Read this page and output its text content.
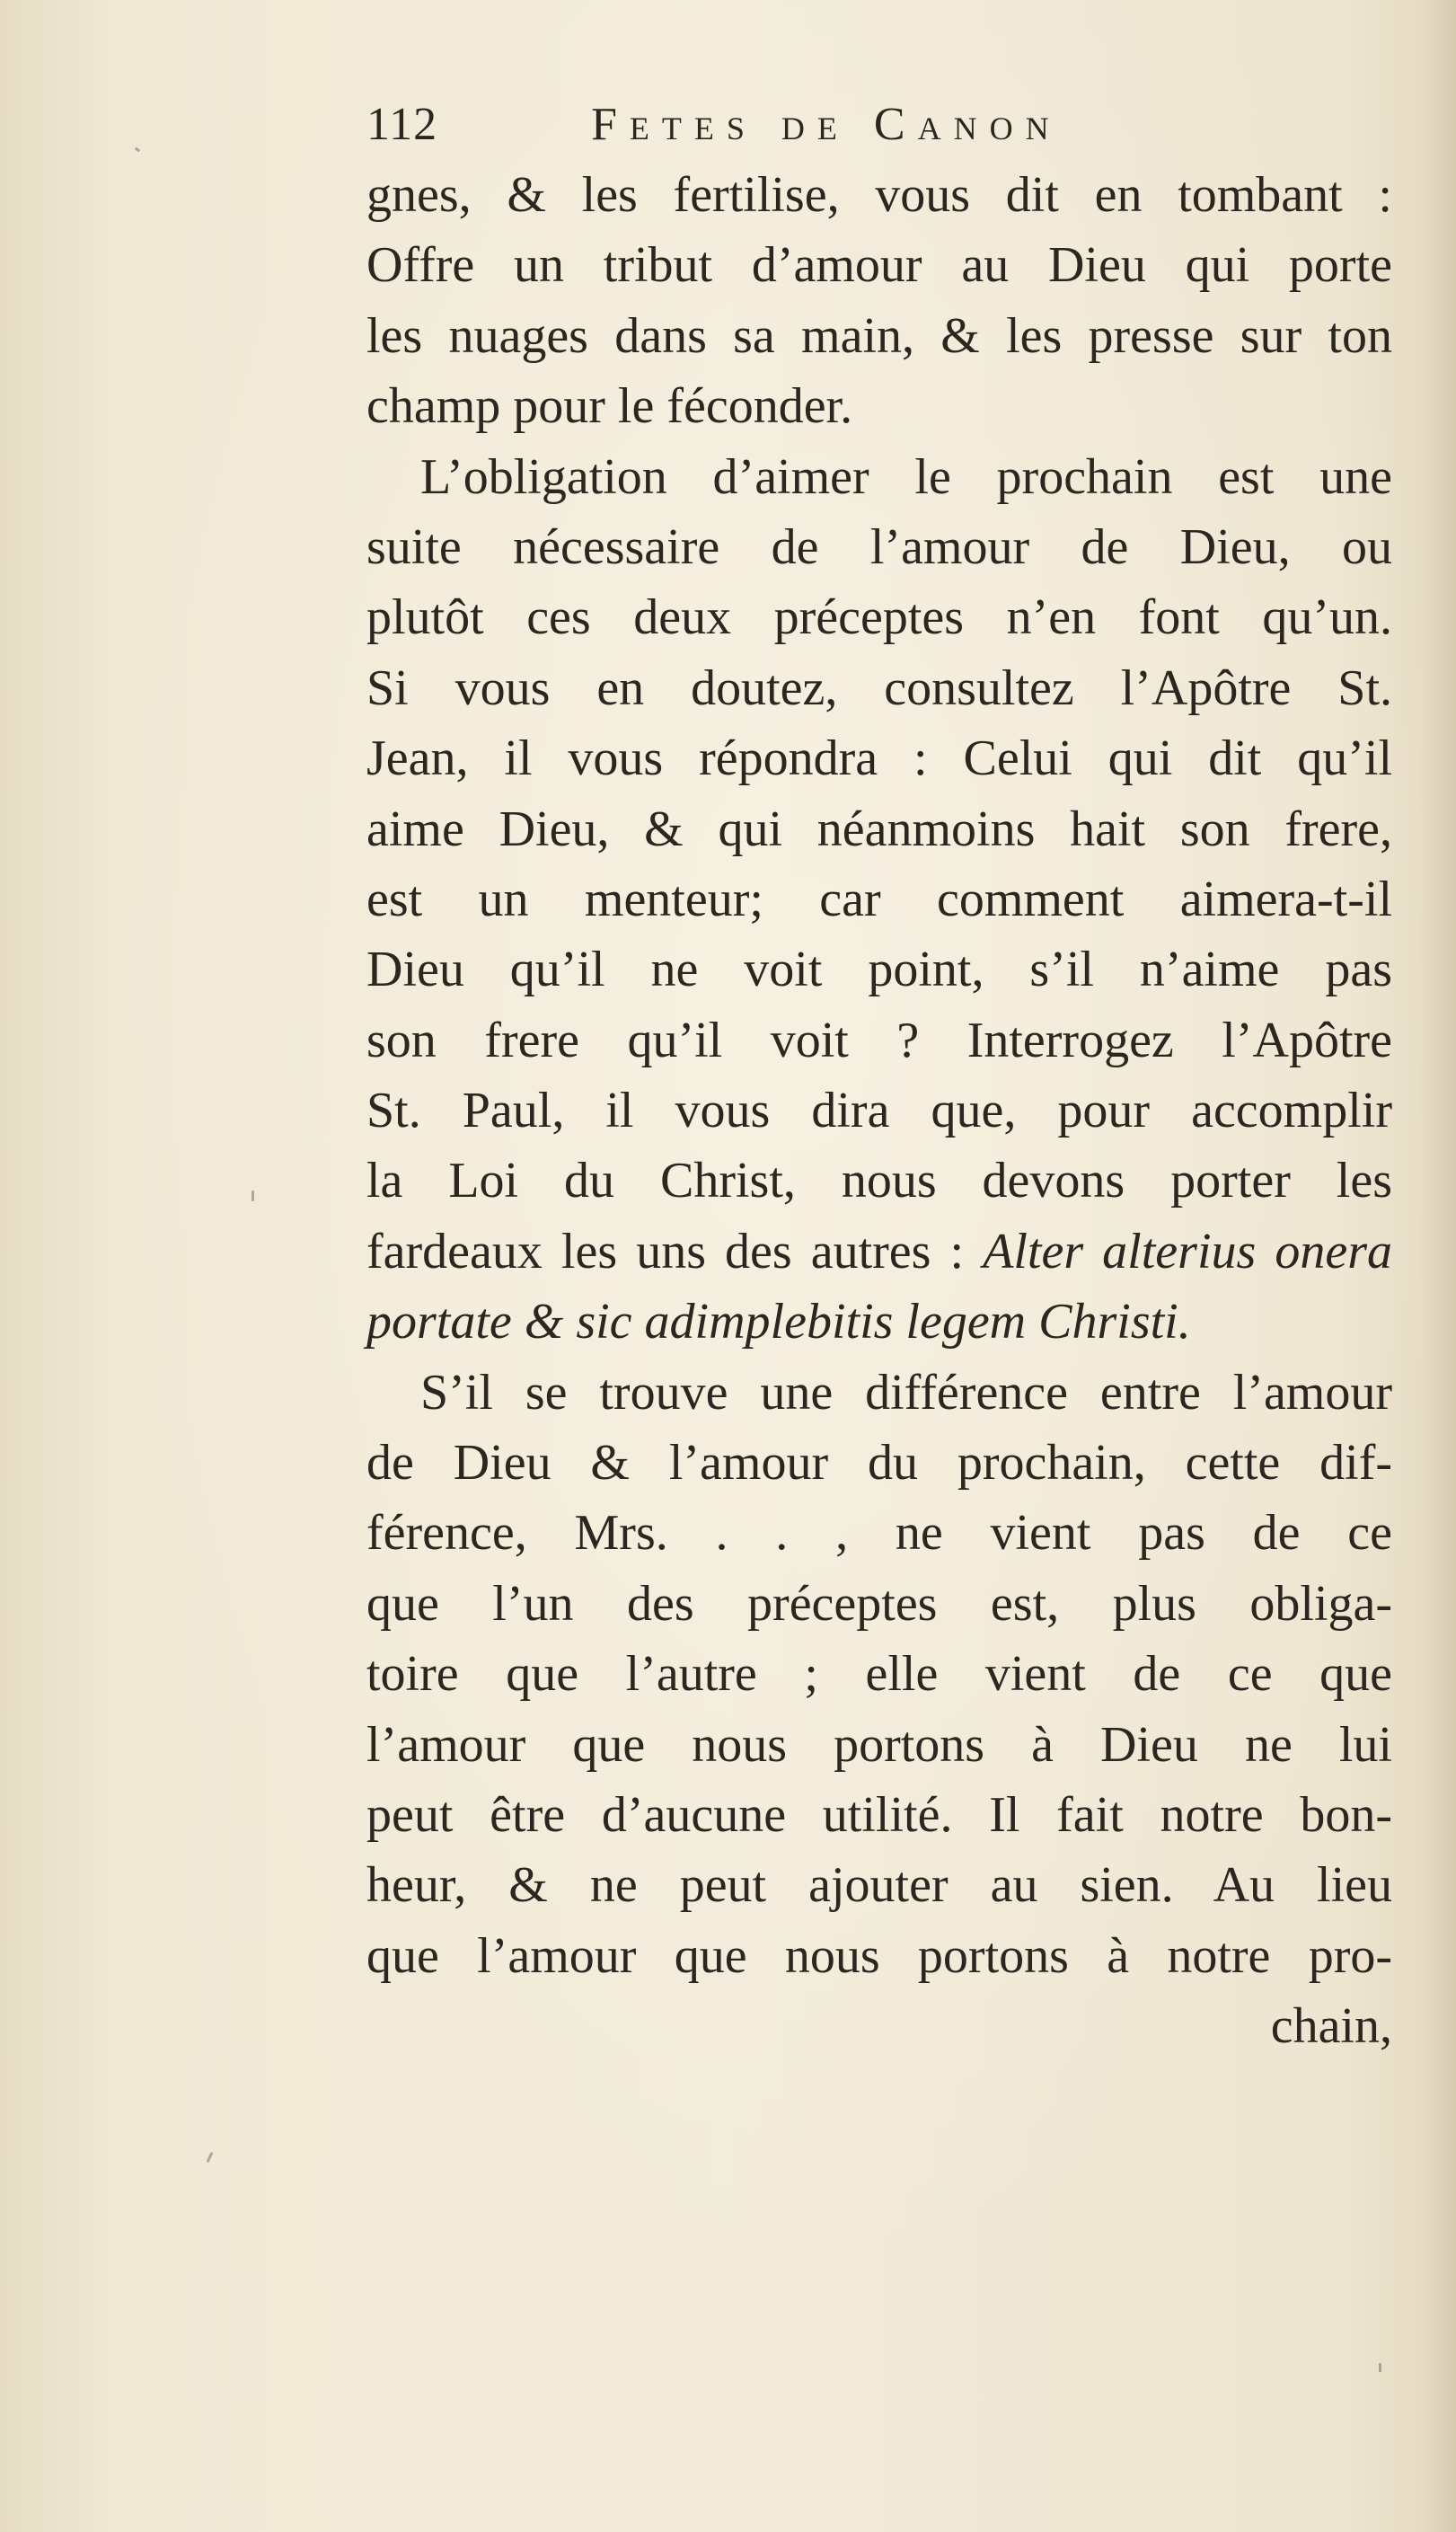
112	Fetes de Canon
gnes, & les fertilise, vous dit en tombant :
Offre un tribut d’amour au Dieu qui porte
les nuages dans sa main, & les presse sur ton
champ pour le féconder.
L’obligation d’aimer le prochain est une
suite nécessaire de l’amour de Dieu, ou
plutôt ces deux préceptes n’en font qu’un.
Si vous en doutez, consultez l’Apôtre St.
Jean, il vous répondra : Celui qui dit qu’il
aime Dieu, & qui néanmoins hait son frere,
est un menteur; car comment aimera-t-il
Dieu qu’il ne voit point, s’il n’aime pas
son frere qu’il voit ? Interrogez l’Apôtre
St. Paul, il vous dira que, pour accomplir
la Loi du Christ, nous devons porter les
fardeaux les uns des autres : Alter alterius onera
portate & sic adimplebitis legem Christi.
S’il se trouve une différence entre l’amour
de Dieu & l’amour du prochain, cette dif-
férence, Mrs. . . , ne vient pas de ce
que l’un des préceptes est, plus obliga-
toire que l’autre ; elle vient de ce que
l’amour que nous portons à Dieu ne lui
peut être d’aucune utilité. Il fait notre bon-
heur, & ne peut ajouter au sien. Au lieu
que l’amour que nous portons à notre pro-
chain,
